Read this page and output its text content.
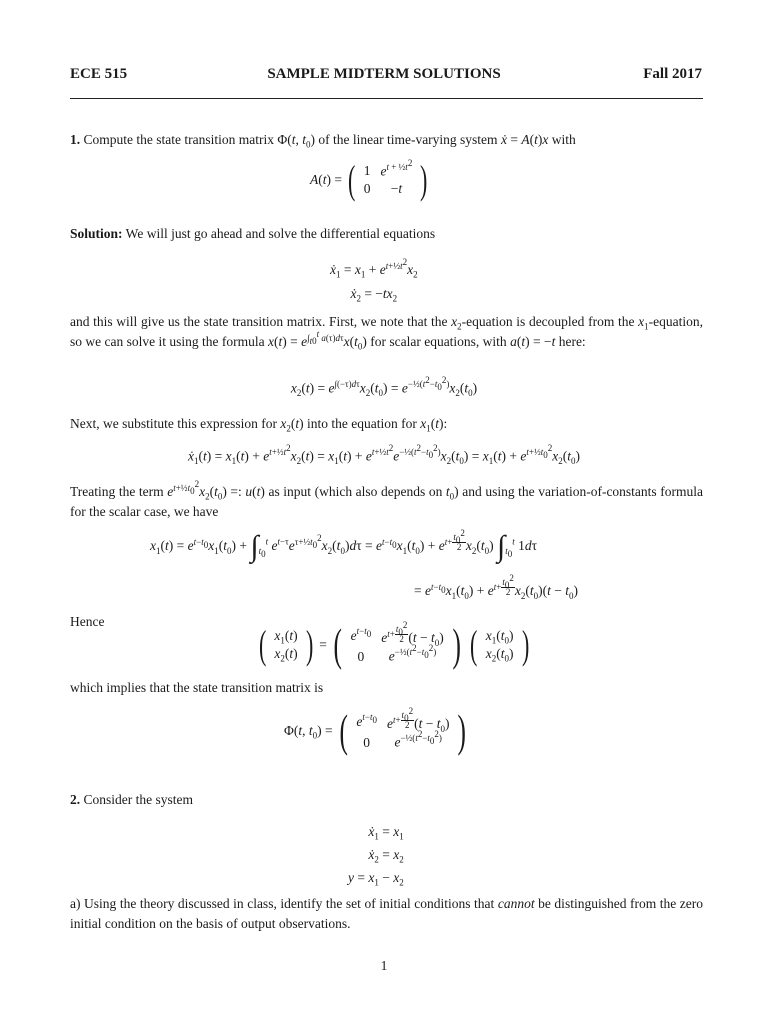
ECE 515	SAMPLE MIDTERM SOLUTIONS	Fall 2017
1. Compute the state transition matrix Φ(t, $t_0$) of the linear time-varying system ẋ = A(t)x with
A(t) = ( 1	$e^{t + \frac{1}{2}t^2}$
0	−t )
Solution: We will just go ahead and solve the differential equations
ẋ$_1$ = $x_1 + e^{t+\frac{1}{2}t^2}x_2$
ẋ$_2$ = $-tx_2$
and this will give us the state transition matrix. First, we note that the $x_2$-equation is decoupled from the $x_1$-equation, so we can solve it using the formula $x(t) = e^{\int_{t0}^t a(\tau)d\tau}x(t_0)$ for scalar equations, with a(t) = −t here:
$x_2(t) = e^{\int(-\tau)d\tau}x_2(t_0) = e^{-\frac{1}{2}(t^2-t_0^2)}x_2(t_0)$
Next, we substitute this expression for $x_2(t)$ into the equation for $x_1(t)$:
ẋ$_1$(t) = $x_1(t) + e^{t+\frac{1}{2}t^2}x_2(t) = x_1(t) + e^{t+\frac{1}{2}t^2}e^{-\frac{1}{2}(t^2-t_0^2)}x_2(t_0) = x_1(t) + e^{t+\frac{1}{2}t_0^2}x_2(t_0)$
Treating the term $e^{t+\frac{1}{2}t_0^2}x_2(t_0)$ =: u(t) as input (which also depends on $t_0$) and using the variation-of-constants formula for the scalar case, we have
$x_1(t) = e^{t-t_0}x_1(t_0) + \int_{t_0}^t$ $e^{t-\tau}e^{\tau+\frac{1}{2}t_0^2}x_2(t_0)d\tau = e^{t-t_0}x_1(t_0) + e^{t+ \frac{t_0^2}{2}}x_2(t_0)$ $\int_{t_0}^t$ 1dτ
= $e^{t-t_0}x_1(t_0) + e^{t+ \frac{t_0^2}{2}}x_2(t_0)(t - t_0)$
Hence
( $x_1(t)$
$x_2(t)$ ) = ( $e^{t-t_0}$	$e^{t+ \frac{t_0^2}{2}}(t - t_0)$
0	$e^{-\frac{1}{2}(t^2-t_0^2)}$ )
( $x_1(t_0)$
$x_2(t_0)$ )
which implies that the state transition matrix is
Φ(t, $t_0$) = ( $e^{t-t_0}$	$e^{t+ \frac{t_0^2}{2}}(t - t_0)$
0	$e^{-\frac{1}{2}(t^2-t_0^2)}$ )
2. Consider the system
ẋ$_1$ = $x_1$
ẋ$_2$ = $x_2$
$y = x_1 - x_2$
a) Using the theory discussed in class, identify the set of initial conditions that cannot be distinguished from the zero initial condition on the basis of output observations.
1
